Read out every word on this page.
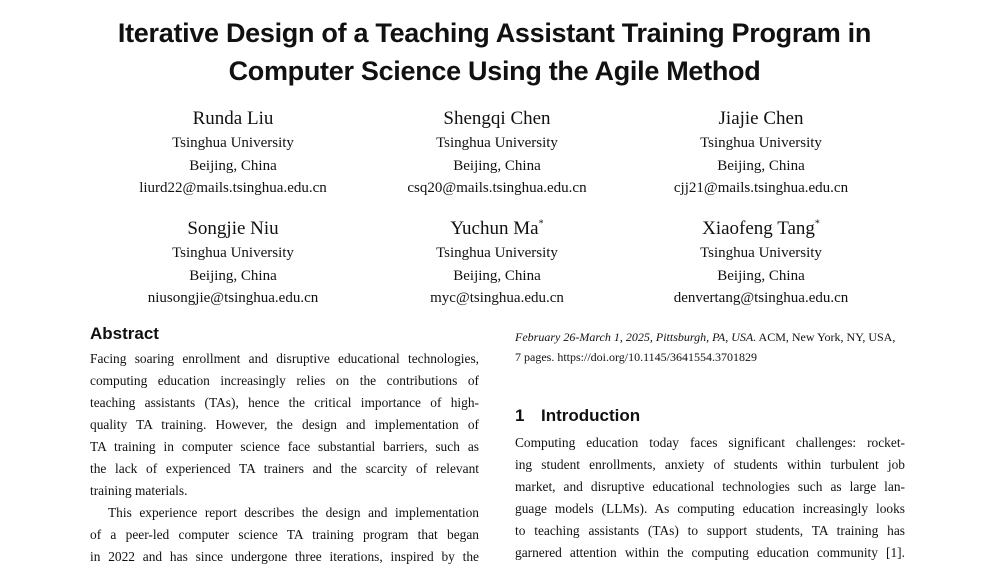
Iterative Design of a Teaching Assistant Training Program in
Computer Science Using the Agile Method
Runda Liu
Tsinghua University
Beijing, China
liurd22@mails.tsinghua.edu.cn
Shengqi Chen
Tsinghua University
Beijing, China
csq20@mails.tsinghua.edu.cn
Jiajie Chen
Tsinghua University
Beijing, China
cjj21@mails.tsinghua.edu.cn
Songjie Niu
Tsinghua University
Beijing, China
niusongjie@tsinghua.edu.cn
Yuchun Ma*
Tsinghua University
Beijing, China
myc@tsinghua.edu.cn
Xiaofeng Tang*
Tsinghua University
Beijing, China
denvertang@tsinghua.edu.cn
Abstract
Facing soaring enrollment and disruptive educational technologies,
computing education increasingly relies on the contributions of
teaching assistants (TAs), hence the critical importance of high-
quality TA training. However, the design and implementation of
TA training in computer science face substantial barriers, such as
the lack of experienced TA trainers and the scarcity of relevant
training materials.
This experience report describes the design and implementation
of a peer-led computer science TA training program that began
in 2022 and has since undergone three iterations, inspired by the
February 26-March 1, 2025, Pittsburgh, PA, USA. ACM, New York, NY, USA,
7 pages. https://doi.org/10.1145/3641554.3701829
1 Introduction
Computing education today faces significant challenges: rocket-
ing student enrollments, anxiety of students within turbulent job
market, and disruptive educational technologies such as large lan-
guage models (LLMs). As computing education increasingly looks
to teaching assistants (TAs) to support students, TA training has
garnered attention within the computing education community [1].
